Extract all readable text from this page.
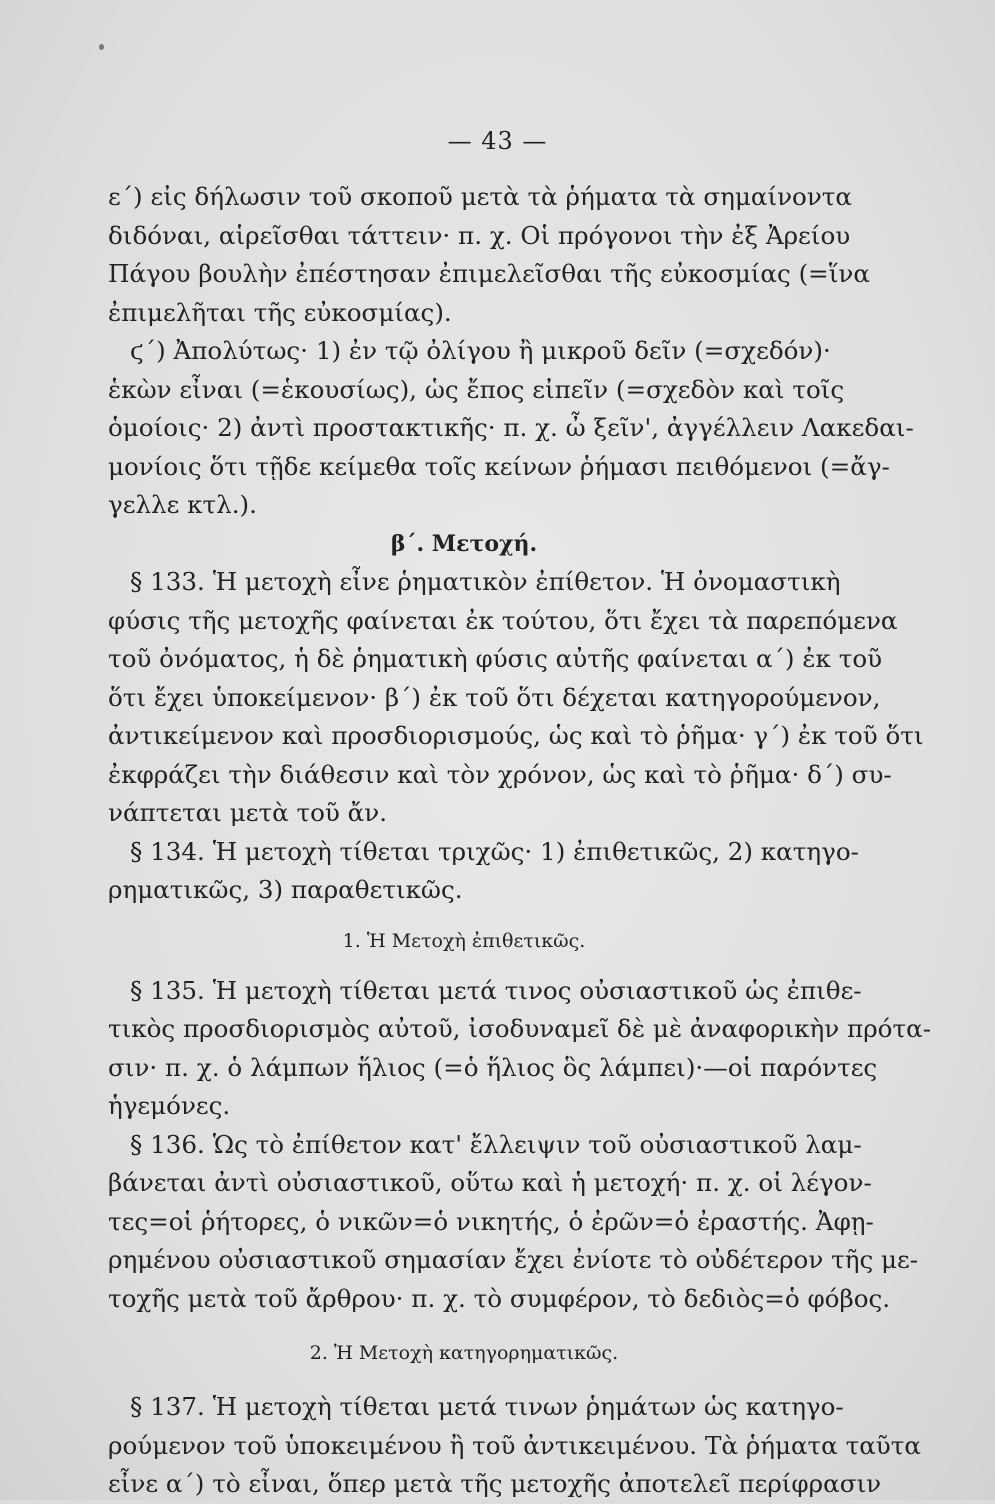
— 43 —
ε΄) εἰς δήλωσιν τοῦ σκοποῦ μετὰ τὰ ῥήματα τὰ σημαίνοντα
διδόναι, αἱρεῖσθαι τάττειν· π. χ. Οἱ πρόγονοι τὴν ἐξ Ἀρείου
Πάγου βουλὴν ἐπέστησαν ἐπιμελεῖσθαι τῆς εὐκοσμίας (=ἵνα
ἐπιμελῆται τῆς εὐκοσμίας).
ϛ΄) Ἀπολύτως· 1) ἐν τῷ ὀλίγου ἢ μικροῦ δεῖν (=σχεδόν)·
ἑκὼν εἶναι (=ἑκουσίως), ὡς ἔπος εἰπεῖν (=σχεδὸν καὶ τοῖς
ὁμοίοις· 2) ἀντὶ προστακτικῆς· π. χ. ὦ ξεῖν', ἀγγέλλειν Λακεδαι-
μονίοις ὅτι τῇδε κείμεθα τοῖς κείνων ῥήμασι πειθόμενοι (=ἄγ-
γελλε κτλ.).
β΄. Μετοχή.
§ 133. Ἡ μετοχὴ εἶνε ῥηματικὸν ἐπίθετον. Ἡ ὀνομαστικὴ
φύσις τῆς μετοχῆς φαίνεται ἐκ τούτου, ὅτι ἔχει τὰ παρεπόμενα
τοῦ ὀνόματος, ἡ δὲ ῥηματικὴ φύσις αὐτῆς φαίνεται α΄) ἐκ τοῦ
ὅτι ἔχει ὑποκείμενον· β΄) ἐκ τοῦ ὅτι δέχεται κατηγορούμενον,
ἀντικείμενον καὶ προσδιορισμούς, ὡς καὶ τὸ ῥῆμα· γ΄) ἐκ τοῦ ὅτι
ἐκφράζει τὴν διάθεσιν καὶ τὸν χρόνον, ὡς καὶ τὸ ῥῆμα· δ΄) συ-
νάπτεται μετὰ τοῦ ἄν.
§ 134. Ἡ μετοχὴ τίθεται τριχῶς· 1) ἐπιθετικῶς, 2) κατηγο-
ρηματικῶς, 3) παραθετικῶς.
1. Ἡ Μετοχὴ ἐπιθετικῶς.
§ 135. Ἡ μετοχὴ τίθεται μετά τινος οὐσιαστικοῦ ὡς ἐπιθε-
τικὸς προσδιορισμὸς αὐτοῦ, ἰσοδυναμεῖ δὲ μὲ ἀναφορικὴν πρότα-
σιν· π. χ. ὁ λάμπων ἥλιος (=ὁ ἥλιος ὃς λάμπει)·—οἱ παρόντες
ἡγεμόνες.
§ 136. Ὡς τὸ ἐπίθετον κατ' ἔλλειψιν τοῦ οὐσιαστικοῦ λαμ-
βάνεται ἀντὶ οὐσιαστικοῦ, οὕτω καὶ ἡ μετοχή· π. χ. οἱ λέγον-
τες=οἱ ῥήτορες, ὁ νικῶν=ὁ νικητής, ὁ ἐρῶν=ὁ ἐραστής. Ἀφῃ-
ρημένου οὐσιαστικοῦ σημασίαν ἔχει ἐνίοτε τὸ οὐδέτερον τῆς με-
τοχῆς μετὰ τοῦ ἄρθρου· π. χ. τὸ συμφέρον, τὸ δεδιὸς=ὁ φόβος.
2. Ἡ Μετοχὴ κατηγορηματικῶς.
§ 137. Ἡ μετοχὴ τίθεται μετά τινων ῥημάτων ὡς κατηγο-
ρούμενον τοῦ ὑποκειμένου ἢ τοῦ ἀντικειμένου. Τὰ ῥήματα ταῦτα
εἶνε α΄) τὸ εἶναι, ὅπερ μετὰ τῆς μετοχῆς ἀποτελεῖ περίφρασιν
